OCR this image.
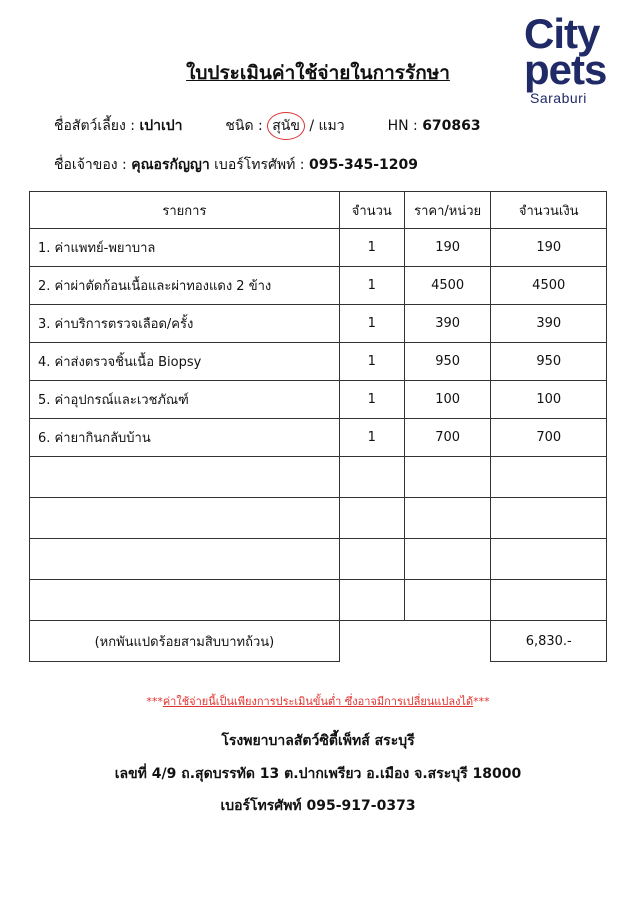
City
pets
Saraburi
ใบประเมินค่าใช้จ่ายในการรักษา
ชื่อสัตว์เลี้ยง : เปาเปา	ชนิด : สุนัข / แมว	HN : 670863
ชื่อเจ้าของ : คุณอรกัญญา เบอร์โทรศัพท์ : 095-345-1209
รายการ	จำนวน	ราคา/หน่วย	จำนวนเงิน
1. ค่าแพทย์-พยาบาล	1	190	190
2. ค่าผ่าตัดก้อนเนื้อและผ่าทองแดง 2 ข้าง	1	4500	4500
3. ค่าบริการตรวจเลือด/ครั้ง	1	390	390
4. ค่าส่งตรวจชิ้นเนื้อ Biopsy	1	950	950
5. ค่าอุปกรณ์และเวชภัณฑ์	1	100	100
6. ค่ายากินกลับบ้าน	1	700	700

(หกพันแปดร้อยสามสิบบาทถ้วน)			6,830.-
***ค่าใช้จ่ายนี้เป็นเพียงการประเมินขั้นต่ำ ซึ่งอาจมีการเปลี่ยนแปลงได้***
โรงพยาบาลสัตว์ซิตี้เพ็ทส์ สระบุรี
เลขที่ 4/9 ถ.สุดบรรทัด 13 ต.ปากเพรียว อ.เมือง จ.สระบุรี 18000
เบอร์โทรศัพท์ 095-917-0373
